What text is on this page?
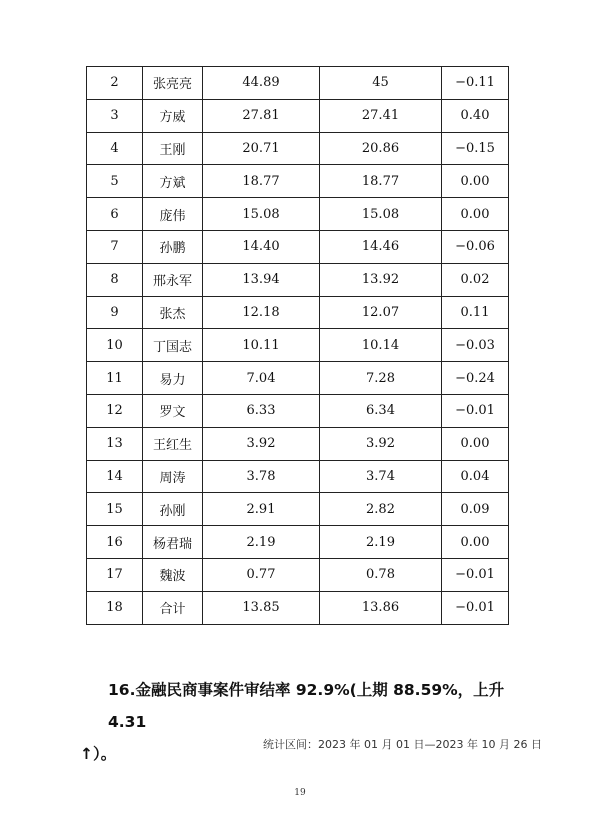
2	张亮亮	44.89	45	−0.11
3	方威	27.81	27.41	0.40
4	王刚	20.71	20.86	−0.15
5	方斌	18.77	18.77	0.00
6	庞伟	15.08	15.08	0.00
7	孙鹏	14.40	14.46	−0.06
8	邢永军	13.94	13.92	0.02
9	张杰	12.18	12.07	0.11
10	丁国志	10.11	10.14	−0.03
11	易力	7.04	7.28	−0.24
12	罗文	6.33	6.34	−0.01
13	王红生	3.92	3.92	0.00
14	周涛	3.78	3.74	0.04
15	孙刚	2.91	2.82	0.09
16	杨君瑞	2.19	2.19	0.00
17	魏波	0.77	0.78	−0.01
18	合计	13.85	13.86	−0.01
16.金融民商事案件审结率 92.9%(上期 88.59%，上升 4.31
↑）。
统计区间：2023 年 01 月 01 日—2023 年 10 月 26 日
19
